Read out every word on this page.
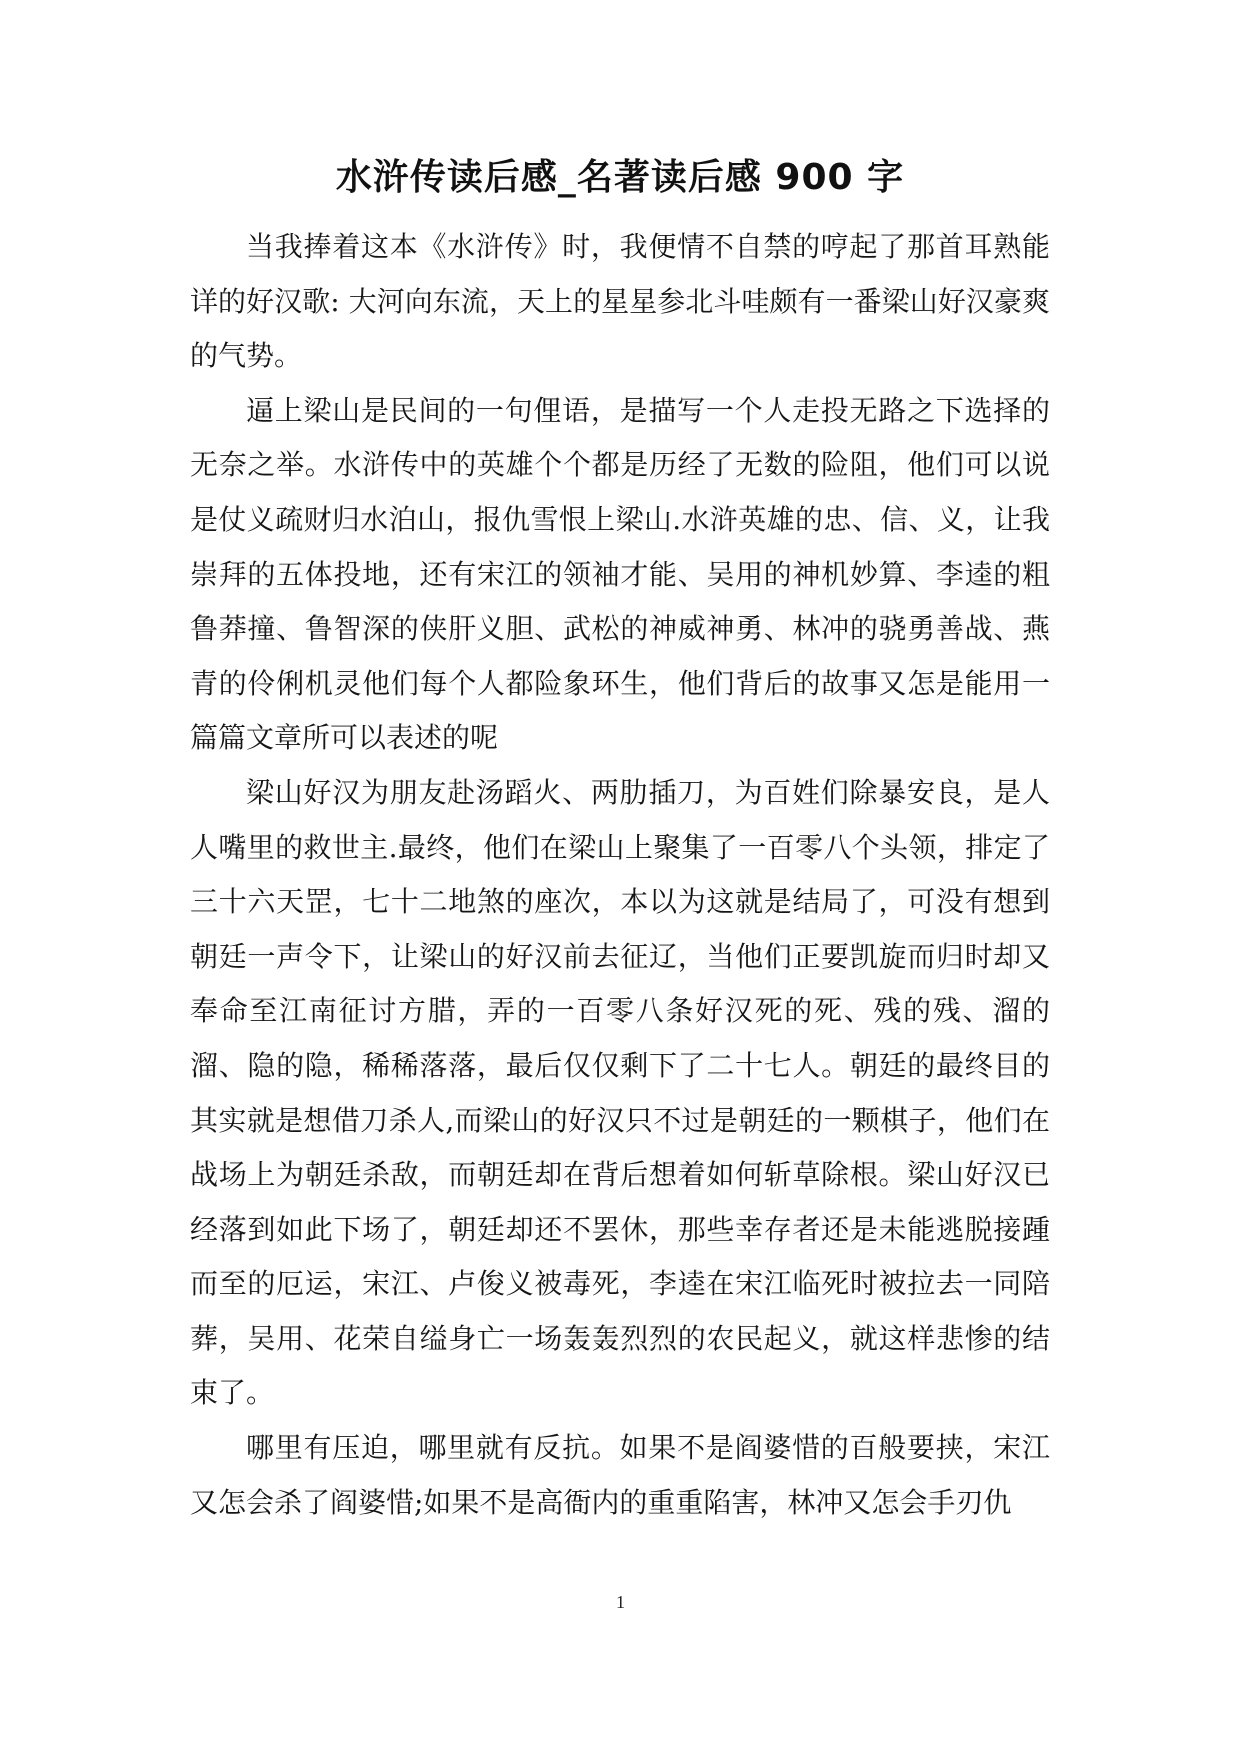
水浒传读后感_名著读后感 900 字

当我捧着这本《水浒传》时，我便情不自禁的哼起了那首耳熟能详的好汉歌: 大河向东流，天上的星星参北斗哇颇有一番梁山好汉豪爽的气势。

逼上梁山是民间的一句俚语，是描写一个人走投无路之下选择的无奈之举。水浒传中的英雄个个都是历经了无数的险阻，他们可以说是仗义疏财归水泊山，报仇雪恨上梁山.水浒英雄的忠、信、义，让我崇拜的五体投地，还有宋江的领袖才能、吴用的神机妙算、李逵的粗鲁莽撞、鲁智深的侠肝义胆、武松的神威神勇、林冲的骁勇善战、燕青的伶俐机灵他们每个人都险象环生，他们背后的故事又怎是能用一篇篇文章所可以表述的呢

梁山好汉为朋友赴汤蹈火、两肋插刀，为百姓们除暴安良，是人人嘴里的救世主.最终，他们在梁山上聚集了一百零八个头领，排定了三十六天罡，七十二地煞的座次，本以为这就是结局了，可没有想到朝廷一声令下，让梁山的好汉前去征辽，当他们正要凯旋而归时却又奉命至江南征讨方腊，弄的一百零八条好汉死的死、残的残、溜的溜、隐的隐，稀稀落落，最后仅仅剩下了二十七人。朝廷的最终目的其实就是想借刀杀人,而梁山的好汉只不过是朝廷的一颗棋子，他们在战场上为朝廷杀敌，而朝廷却在背后想着如何斩草除根。梁山好汉已经落到如此下场了，朝廷却还不罢休，那些幸存者还是未能逃脱接踵而至的厄运，宋江、卢俊义被毒死，李逵在宋江临死时被拉去一同陪葬，吴用、花荣自缢身亡一场轰轰烈烈的农民起义，就这样悲惨的结束了。

哪里有压迫，哪里就有反抗。如果不是阎婆惜的百般要挟，宋江又怎会杀了阎婆惜;如果不是高衙内的重重陷害，林冲又怎会手刃仇

1
